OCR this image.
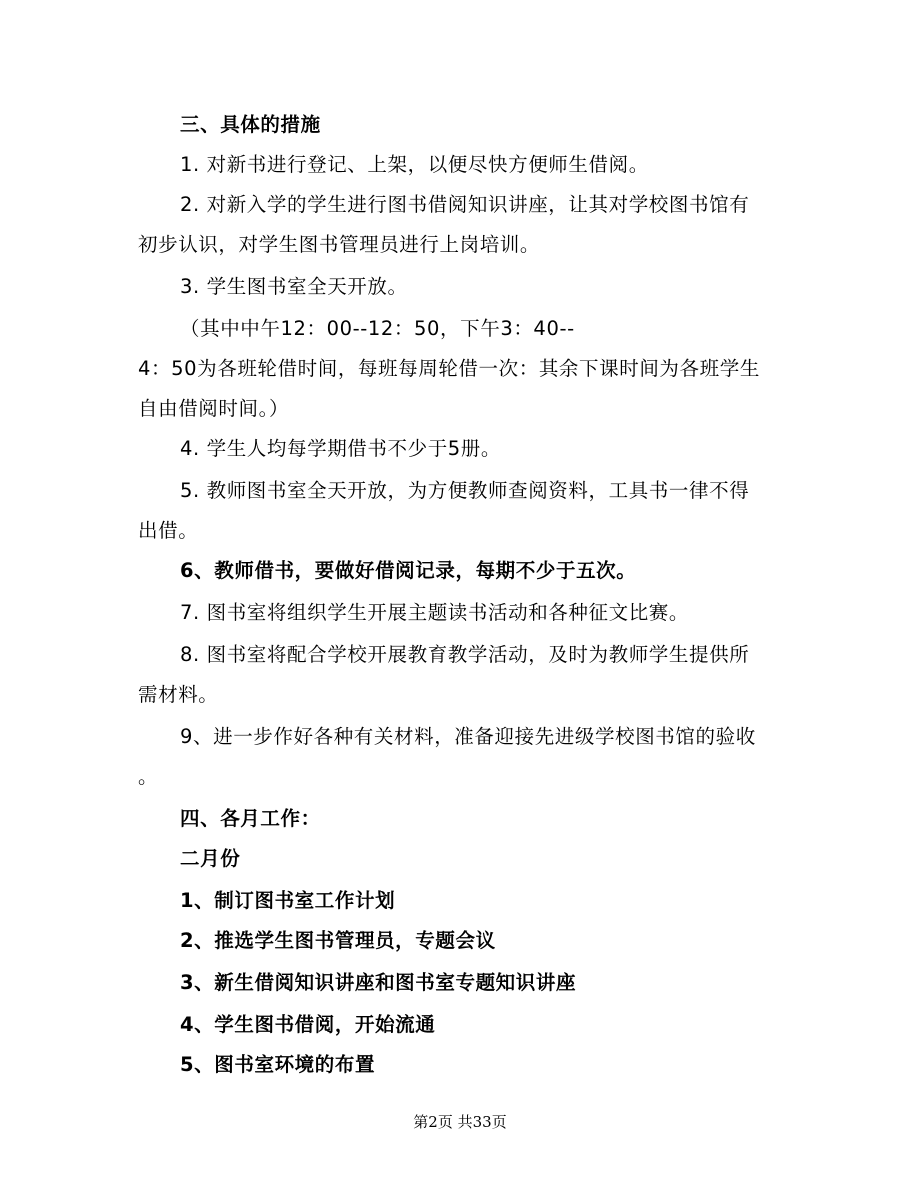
三、具体的措施
1. 对新书进行登记、上架，以便尽快方便师生借阅。
2. 对新入学的学生进行图书借阅知识讲座，让其对学校图书馆有
初步认识，对学生图书管理员进行上岗培训。
3. 学生图书室全天开放。
（其中中午12：00--12：50，下午3：40--
4：50为各班轮借时间，每班每周轮借一次：其余下课时间为各班学生
自由借阅时间。）
4. 学生人均每学期借书不少于5册。
5. 教师图书室全天开放，为方便教师查阅资料，工具书一律不得
出借。
6、教师借书，要做好借阅记录，每期不少于五次。
7. 图书室将组织学生开展主题读书活动和各种征文比赛。
8. 图书室将配合学校开展教育教学活动，及时为教师学生提供所
需材料。
9、进一步作好各种有关材料，准备迎接先进级学校图书馆的验收
。
四、各月工作：
二月份
1、制订图书室工作计划
2、推选学生图书管理员，专题会议
3、新生借阅知识讲座和图书室专题知识讲座
4、学生图书借阅，开始流通
5、图书室环境的布置
第2页 共33页
